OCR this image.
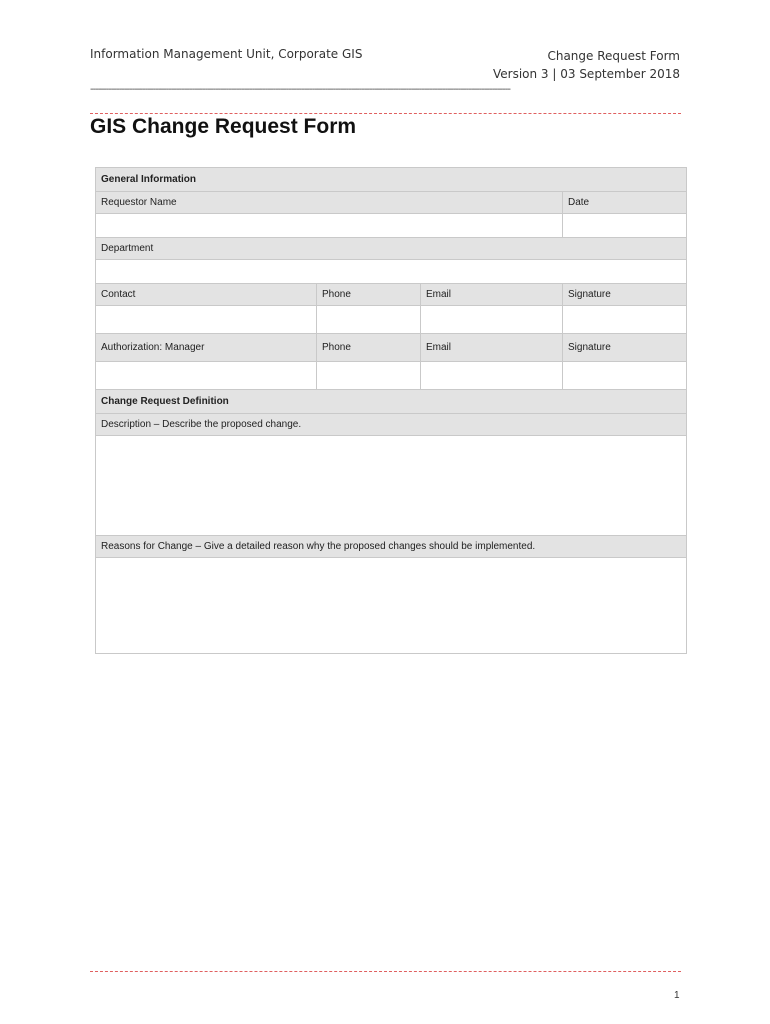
Information Management Unit, Corporate GIS	Change Request Form
Version 3 | 03 September 2018
-----------------------------------------------------------------------------------------------------------------------------------------------------------------
GIS Change Request Form
General Information			
Requestor Name			Date

Department			

Contact	Phone	Email	Signature

Authorization: Manager	Phone	Email	Signature

Change Request Definition			
Description – Describe the proposed change.			

Reasons for Change – Give a detailed reason why the proposed changes should be implemented.			

1
